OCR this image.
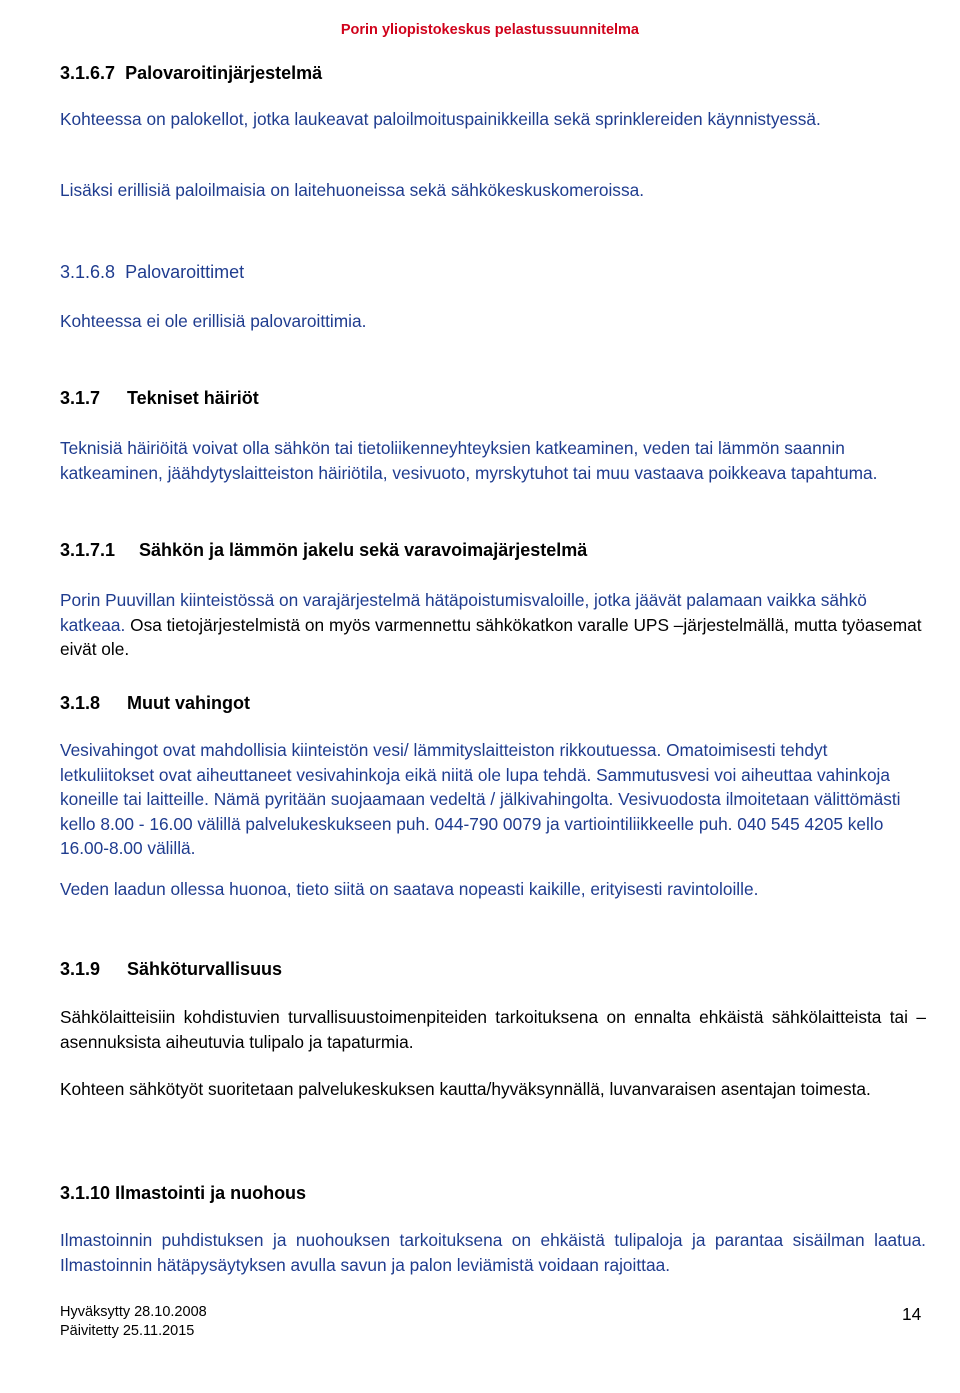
Porin yliopistokeskus pelastussuunnitelma
3.1.6.7 Palovaroitinjärjestelmä

Kohteessa on palokellot, jotka laukeavat paloilmoituspainikkeilla sekä sprinklereiden käynnistyessä.

Lisäksi erillisiä paloilmaisia on laitehuoneissa sekä sähkökeskuskomeroissa.

3.1.6.8 Palovaroittimet

Kohteessa ei ole erillisiä palovaroittimia.

3.1.7 Tekniset häiriöt

Teknisiä häiriöitä voivat olla sähkön tai tietoliikenneyhteyksien katkeaminen, veden tai lämmön saannin katkeaminen, jäähdytyslaitteiston häiriötila, vesivuoto, myrskytuhot tai muu vastaava poikkeava tapahtuma.

3.1.7.1 Sähkön ja lämmön jakelu sekä varavoimajärjestelmä

Porin Puuvillan kiinteistössä on varajärjestelmä hätäpoistumisvaloille, jotka jäävät palamaan vaikka sähkö katkeaa. Osa tietojärjestelmistä on myös varmennettu sähkökatkon varalle UPS –järjestelmällä, mutta työasemat eivät ole.

3.1.8 Muut vahingot

Vesivahingot ovat mahdollisia kiinteistön vesi/ lämmityslaitteiston rikkoutuessa. Omatoimisesti tehdyt letkuliitokset ovat aiheuttaneet vesivahinkoja eikä niitä ole lupa tehdä. Sammutusvesi voi aiheuttaa vahinkoja koneille tai laitteille. Nämä pyritään suojaamaan vedeltä / jälkivahingolta. Vesivuodosta ilmoitetaan välittömästi kello 8.00 - 16.00 välillä palvelukeskukseen puh. 044-790 0079 ja vartiointiliikkeelle puh. 040 545 4205 kello 16.00-8.00 välillä.

Veden laadun ollessa huonoa, tieto siitä on saatava nopeasti kaikille, erityisesti ravintoloille.

3.1.9 Sähköturvallisuus

Sähkölaitteisiin kohdistuvien turvallisuustoimenpiteiden tarkoituksena on ennalta ehkäistä sähkölaitteista tai –asennuksista aiheutuvia tulipalo ja tapaturmia.

Kohteen sähkötyöt suoritetaan palvelukeskuksen kautta/hyväksynnällä, luvanvaraisen asentajan toimesta.

3.1.10 Ilmastointi ja nuohous

Ilmastoinnin puhdistuksen ja nuohouksen tarkoituksena on ehkäistä tulipaloja ja parantaa sisäilman laatua. Ilmastoinnin hätäpysäytyksen avulla savun ja palon leviämistä voidaan rajoittaa.

Hyväksytty 28.10.2008
Päivitetty 25.11.2015
14
